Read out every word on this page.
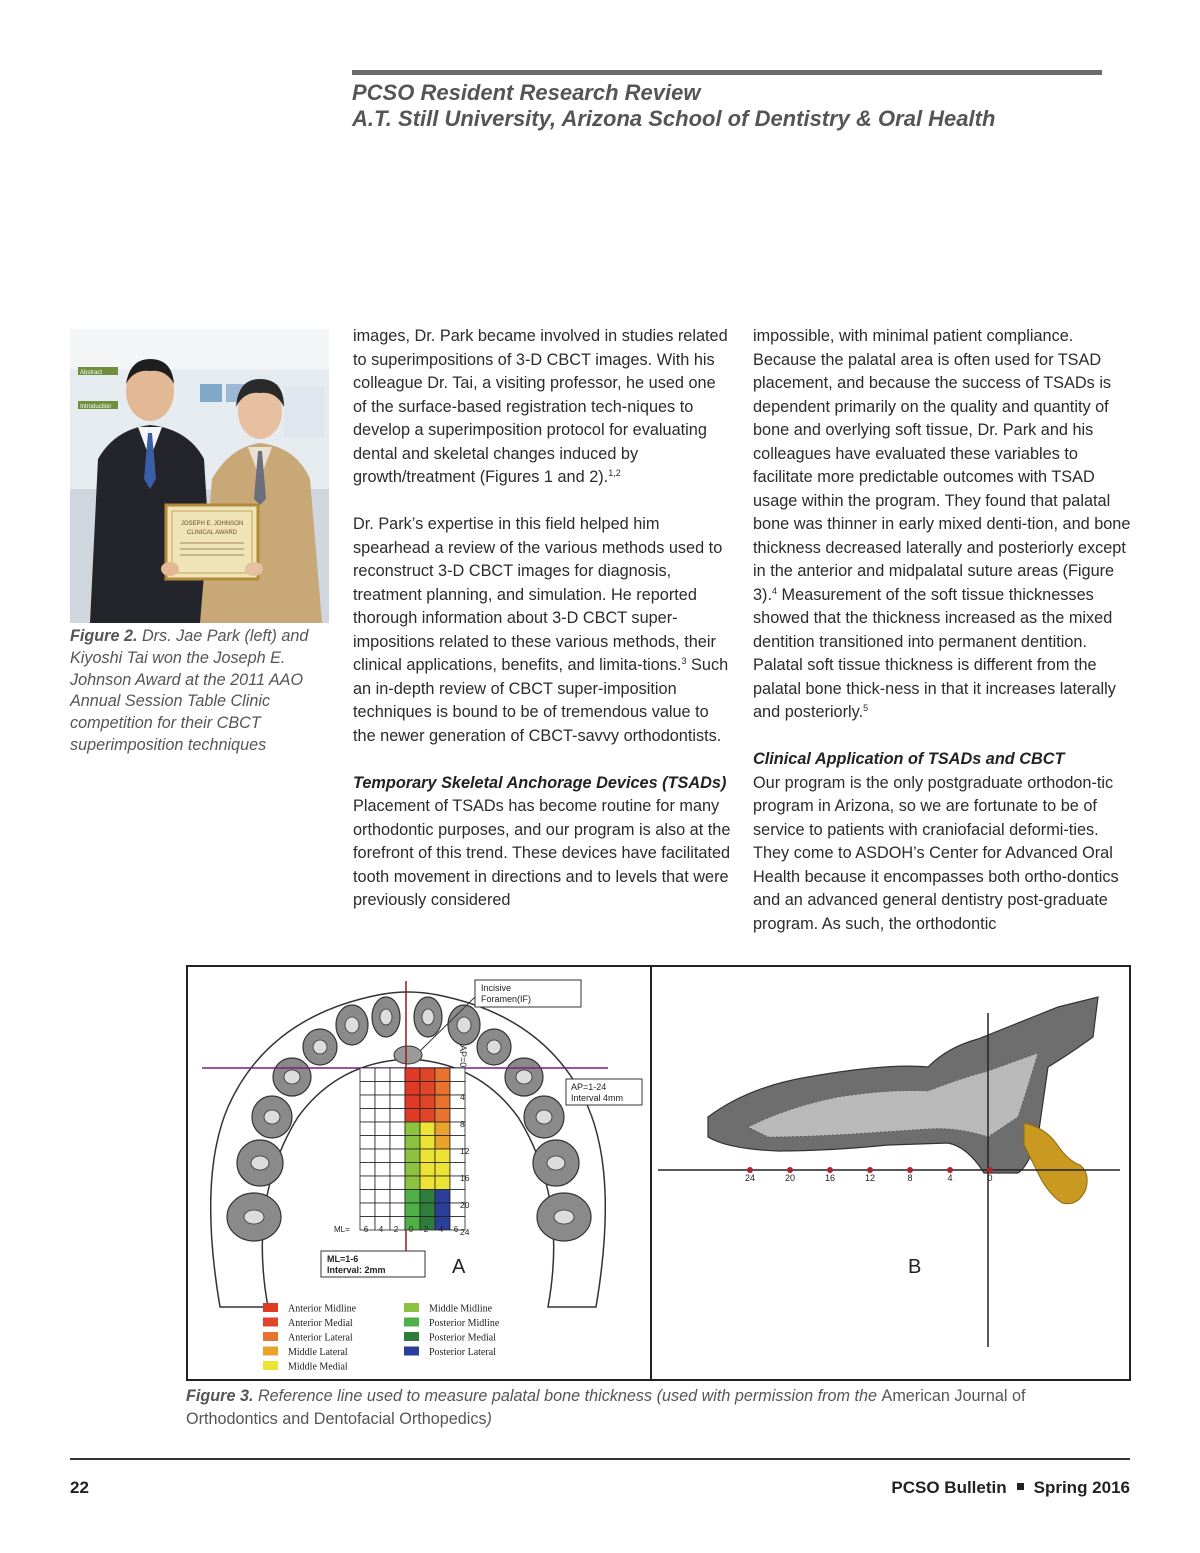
PCSO Resident Research Review
A.T. Still University, Arizona School of Dentistry & Oral Health
Abstract
Introduction
JOSEPH E. JOHNSON
CLINICAL AWARD
Figure 2. Drs. Jae Park (left) and Kiyoshi Tai won the Joseph E. Johnson Award at the 2011 AAO Annual Session Table Clinic competition for their CBCT superimposition techniques

images, Dr. Park became involved in studies related to superimpositions of 3-D CBCT images. With his colleague Dr. Tai, a visiting professor, he used one of the surface-based registration tech-niques to develop a superimposition protocol for evaluating dental and skeletal changes induced by growth/treatment (Figures 1 and 2).$^{1,2}$

Dr. Park’s expertise in this field helped him spearhead a review of the various methods used to reconstruct 3-D CBCT images for diagnosis, treatment planning, and simulation. He reported thorough information about 3-D CBCT super-impositions related to these various methods, their clinical applications, benefits, and limita-tions.$^3$ Such an in-depth review of CBCT super-imposition techniques is bound to be of tremendous value to the newer generation of CBCT-savvy orthodontists.

Temporary Skeletal Anchorage Devices (TSADs)

Placement of TSADs has become routine for many orthodontic purposes, and our program is also at the forefront of this trend. These devices have facilitated tooth movement in directions and to levels that were previously considered

impossible, with minimal patient compliance. Because the palatal area is often used for TSAD placement, and because the success of TSADs is dependent primarily on the quality and quantity of bone and overlying soft tissue, Dr. Park and his colleagues have evaluated these variables to facilitate more predictable outcomes with TSAD usage within the program. They found that palatal bone was thinner in early mixed denti-tion, and bone thickness decreased laterally and posteriorly except in the anterior and midpalatal suture areas (Figure 3).$^4$ Measurement of the soft tissue thicknesses showed that the thickness increased as the mixed dentition transitioned into permanent dentition. Palatal soft tissue thickness is different from the palatal bone thick-ness in that it increases laterally and posteriorly.$^5$

Clinical Application of TSADs and CBCT

Our program is the only postgraduate orthodon-tic program in Arizona, so we are fortunate to be of service to patients with craniofacial deformi-ties. They come to ASDOH’s Center for Advanced Oral Health because it encompasses both ortho-dontics and an advanced general dentistry post-graduate program. As such, the orthodontic

Incisive
Foramen(IF)
AP=0
AP=1-24
Interval 4mm
ML= 6 4 2 0 2 4 6
4
8
12
16
20
24
ML=1-6
Interval: 2mm	A
Anterior Midline
Anterior Medial
Anterior Lateral
Middle Lateral
Middle Medial
Middle Midline
Posterior Midline
Posterior Medial
Posterior Lateral
24	20	16	12	8	4	0
B
Figure 3. Reference line used to measure palatal bone thickness (used with permission from the American Journal of Orthodontics and Dentofacial Orthopedics)
22	PCSO Bulletin Spring 2016
